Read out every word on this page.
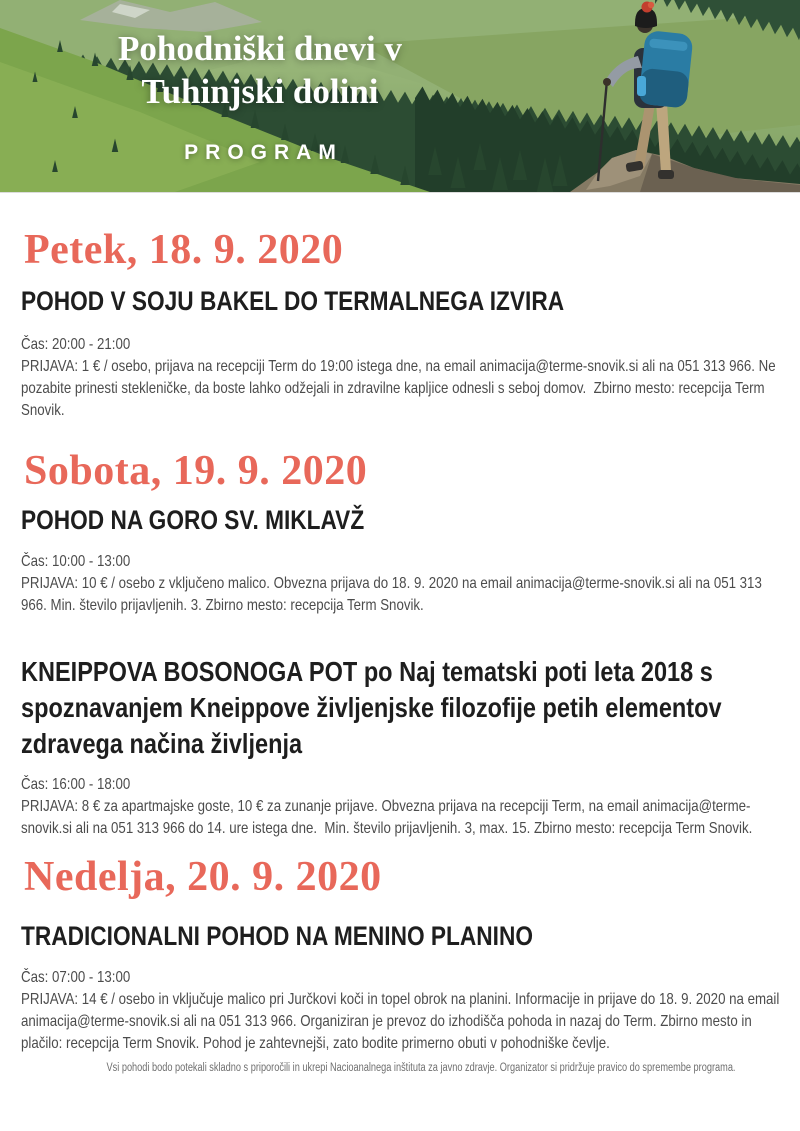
Pohodniški dnevi v
Tuhinjski dolini
PROGRAM
Petek, 18. 9. 2020
POHOD V SOJU BAKEL DO TERMALNEGA IZVIRA

Čas: 20:00 - 21:00

PRIJAVA: 1 € / osebo, prijava na recepciji Term do 19:00 istega dne, na email animacija@terme-snovik.si ali na 051 313 966. Ne pozabite prinesti stekleničke, da boste lahko odžejali in zdravilne kapljice odnesli s seboj domov.  Zbirno mesto: recepcija Term  Snovik.

Sobota, 19. 9. 2020
POHOD NA GORO SV. MIKLAVŽ

Čas: 10:00 - 13:00

PRIJAVA: 10 € / osebo z vključeno malico. Obvezna prijava do 18. 9. 2020 na email animacija@terme-snovik.si ali na 051 313 966. Min. število prijavljenih. 3. Zbirno mesto: recepcija Term Snovik.

KNEIPPOVA BOSONOGA POT po Naj tematski poti leta 2018 s spoznavanjem Kneippove življenjske filozofije petih elementov zdravega načina življenja

Čas: 16:00 - 18:00

PRIJAVA: 8 € za apartmajske goste, 10 € za zunanje prijave. Obvezna prijava na recepciji Term, na email animacija@terme-snovik.si ali na 051 313 966 do 14. ure istega dne.  Min. število prijavljenih. 3, max. 15. Zbirno mesto: recepcija Term Snovik.

Nedelja, 20. 9. 2020
TRADICIONALNI POHOD NA MENINO PLANINO

Čas: 07:00 - 13:00

PRIJAVA: 14 € / osebo in vključuje malico pri Jurčkovi koči in topel obrok na planini. Informacije in prijave do 18. 9. 2020 na email animacija@terme-snovik.si ali na 051 313 966. Organiziran je prevoz do izhodišča pohoda in nazaj do Term. Zbirno mesto in plačilo: recepcija Term Snovik. Pohod je zahtevnejši, zato bodite primerno obuti v pohodniške čevlje.

Vsi pohodi bodo potekali skladno s priporočili in ukrepi Nacioanalnega inštituta za javno zdravje. Organizator si pridržuje pravico do spremembe programa.
